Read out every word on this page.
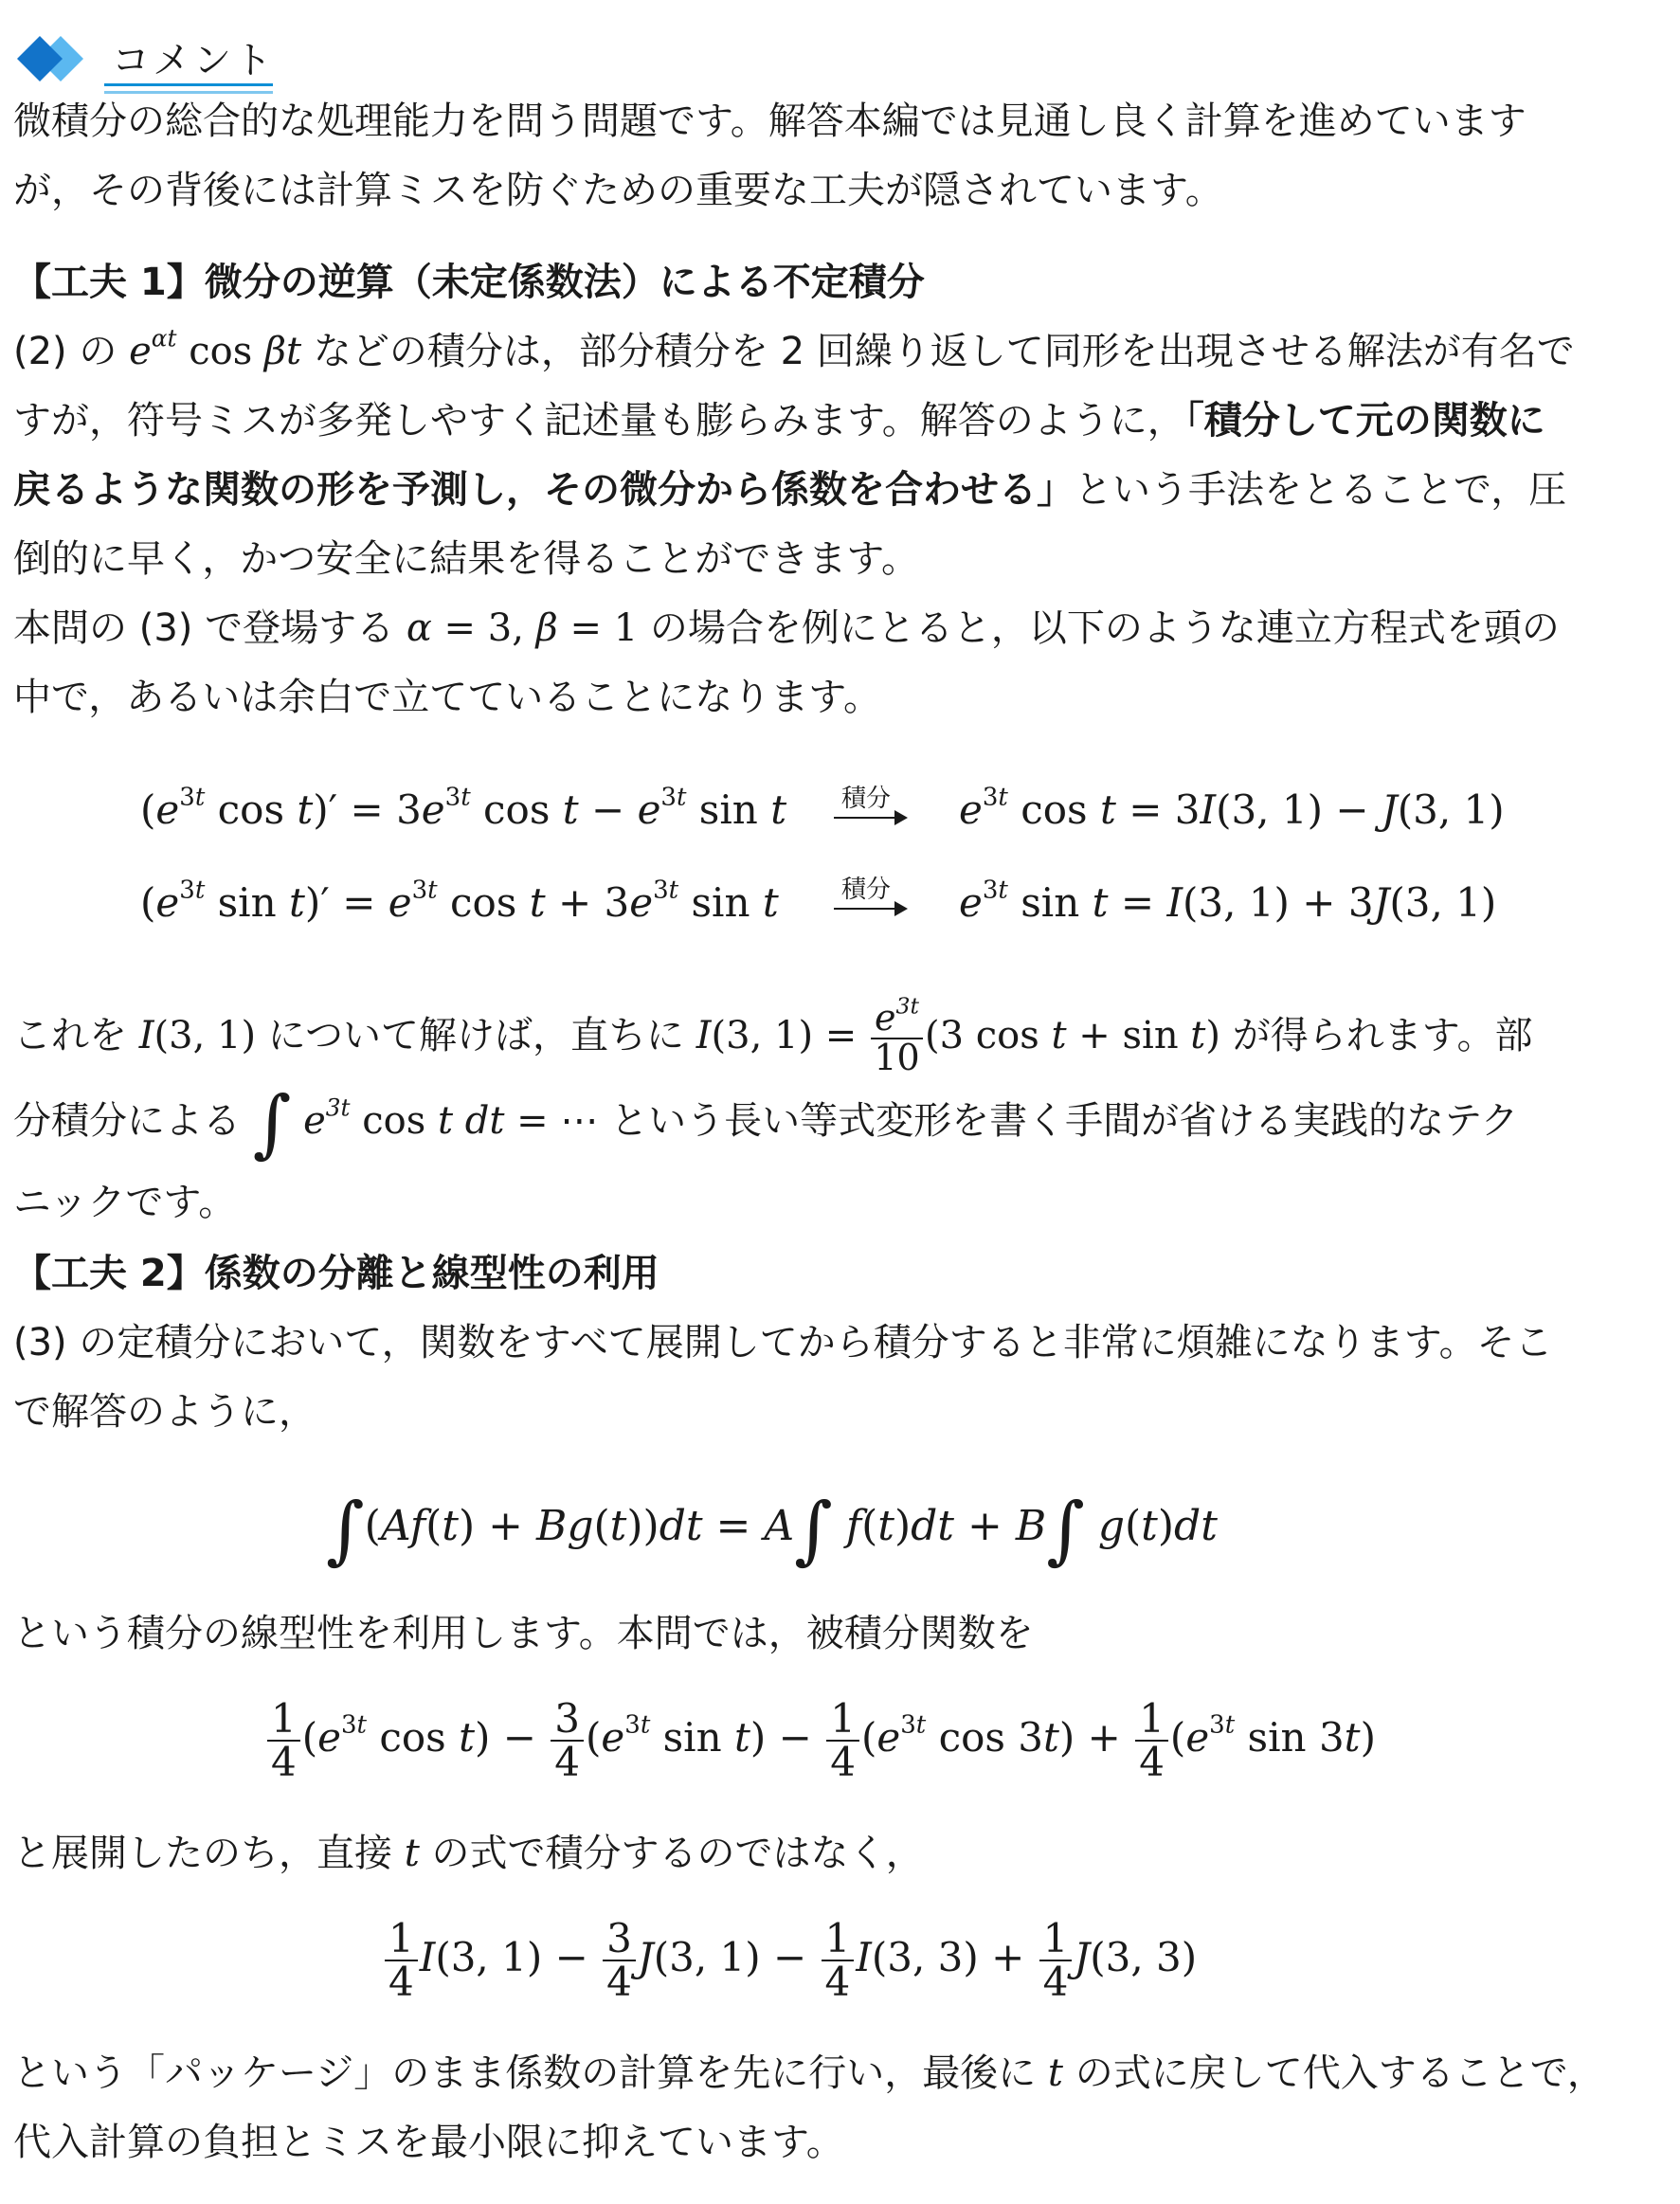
コメント
微積分の総合的な処理能力を問う問題です。解答本編では見通し良く計算を進めています
が，その背後には計算ミスを防ぐための重要な工夫が隠されています。
【工夫 1】微分の逆算（未定係数法）による不定積分
(2) の $e^{\alpha t}$ cos βt などの積分は，部分積分を 2 回繰り返して同形を出現させる解法が有名で
すが，符号ミスが多発しやすく記述量も膨らみます。解答のように，「積分して元の関数に
戻るような関数の形を予測し，その微分から係数を合わせる」という手法をとることで，圧
倒的に早く，かつ安全に結果を得ることができます。
本問の (3) で登場する α = 3, β = 1 の場合を例にとると，以下のような連立方程式を頭の
中で，あるいは余白で立てていることになります。
($e^{3t}$ $\cos t)' = 3e^{3t}$ $\cos t - e^{3t}$ sin t 積分 $e^{3t}$ cos t = 3I(3, 1) − J(3, 1)
($e^{3t}$ $\sin t)' = e^{3t}$ $\cos t + 3e^{3t}$ sin t	積分 $e^{3t}$ sin t = I(3, 1) + 3J(3, 1)
これを I(3, 1) について解けば，直ちに I(3, $1) = \frac{e^{3t}}{10} (3$ cos t + sin t) が得られます。部
分積分による ∫ $e^{3t}$ cos t dt = ⋯ という長い等式変形を書く手間が省ける実践的なテク
ニックです。
【工夫 2】係数の分離と線型性の利用
(3) の定積分において，関数をすべて展開してから積分すると非常に煩雑になります。そこ
で解答のように，
∫(Af(t) + Bg(t))dt = A∫ f(t)dt + B∫ g(t)dt
という積分の線型性を利用します。本問では，被積分関数を
$\frac{1}{4} (e^{3t}$ $\cos t) - \frac{3}{4} (e^{3t}$ $\sin t) - \frac{1}{4} (e^{3t}$ $\cos 3t) + \frac{1}{4} (e^{3t}$ sin 3t)
と展開したのち，直接 t の式で積分するのではなく，
$\frac{1}{4} I(3$, $1) - \frac{3}{4} J(3$, $1) - \frac{1}{4} I(3$, $3) + \frac{1}{4} J(3$, 3)
という「パッケージ」のまま係数の計算を先に行い，最後に t の式に戻して代入することで，
代入計算の負担とミスを最小限に抑えています。
